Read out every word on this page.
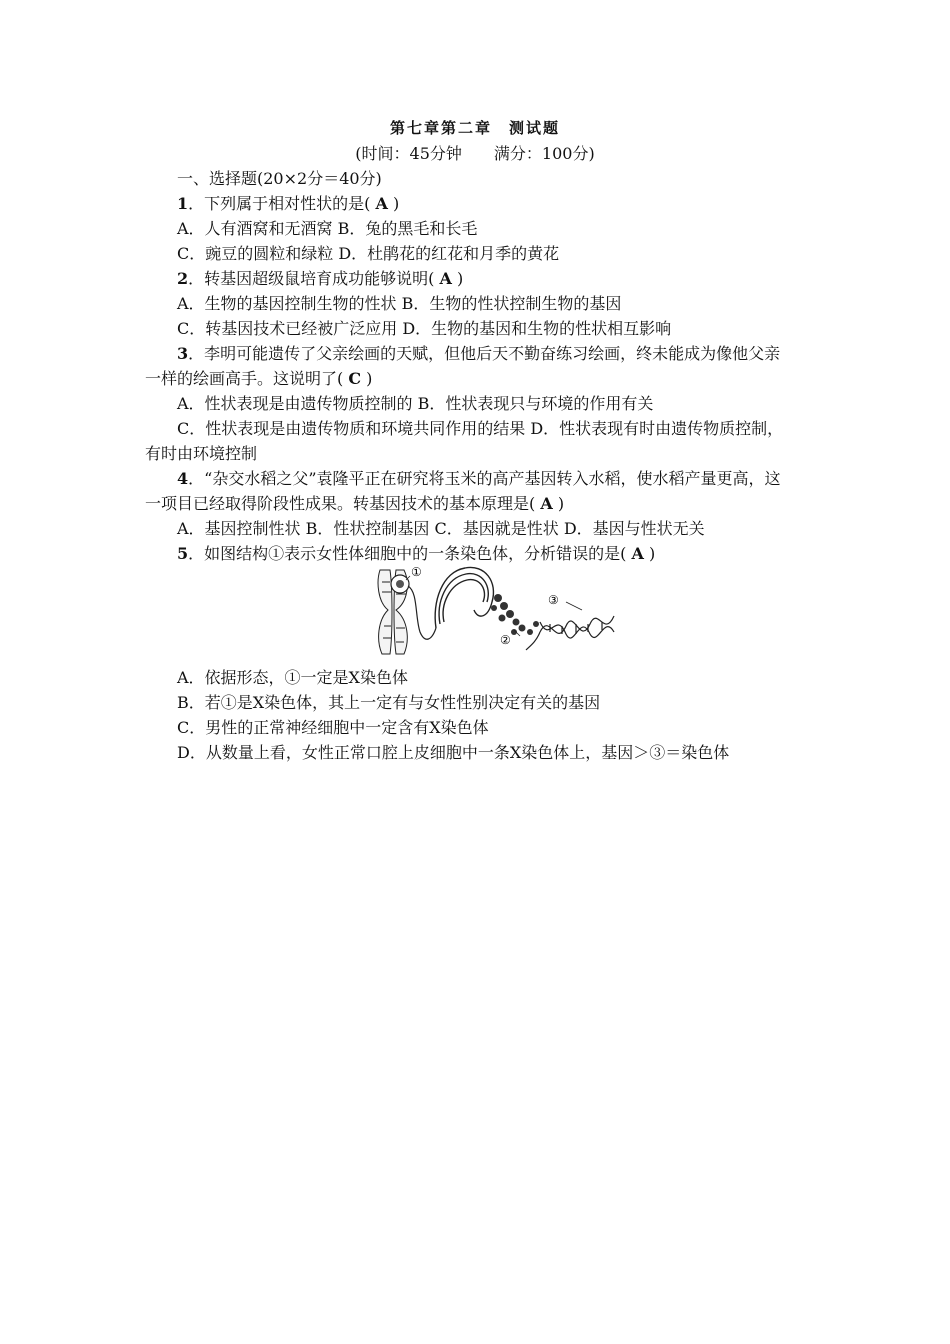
第七章第二章　测试题
(时间：45分钟　　满分：100分)
一、选择题(20×2分＝40分)
1．下列属于相对性状的是( A )
A．人有酒窝和无酒窝 B．兔的黑毛和长毛
C．豌豆的圆粒和绿粒 D．杜鹃花的红花和月季的黄花
2．转基因超级鼠培育成功能够说明( A )
A．生物的基因控制生物的性状 B．生物的性状控制生物的基因
C．转基因技术已经被广泛应用 D．生物的基因和生物的性状相互影响
3．李明可能遗传了父亲绘画的天赋，但他后天不勤奋练习绘画，终未能成为像他父亲
一样的绘画高手。这说明了( C )
A．性状表现是由遗传物质控制的 B．性状表现只与环境的作用有关
C．性状表现是由遗传物质和环境共同作用的结果 D．性状表现有时由遗传物质控制，
有时由环境控制
4．“杂交水稻之父”袁隆平正在研究将玉米的高产基因转入水稻，使水稻产量更高，这
一项目已经取得阶段性成果。转基因技术的基本原理是( A )
A．基因控制性状 B．性状控制基因 C．基因就是性状 D．基因与性状无关
5．如图结构①表示女性体细胞中的一条染色体，分析错误的是( A )
①
②
③
A．依据形态，①一定是X染色体
B．若①是X染色体，其上一定有与女性性别决定有关的基因
C．男性的正常神经细胞中一定含有X染色体
D．从数量上看，女性正常口腔上皮细胞中一条X染色体上，基因＞③＝染色体
